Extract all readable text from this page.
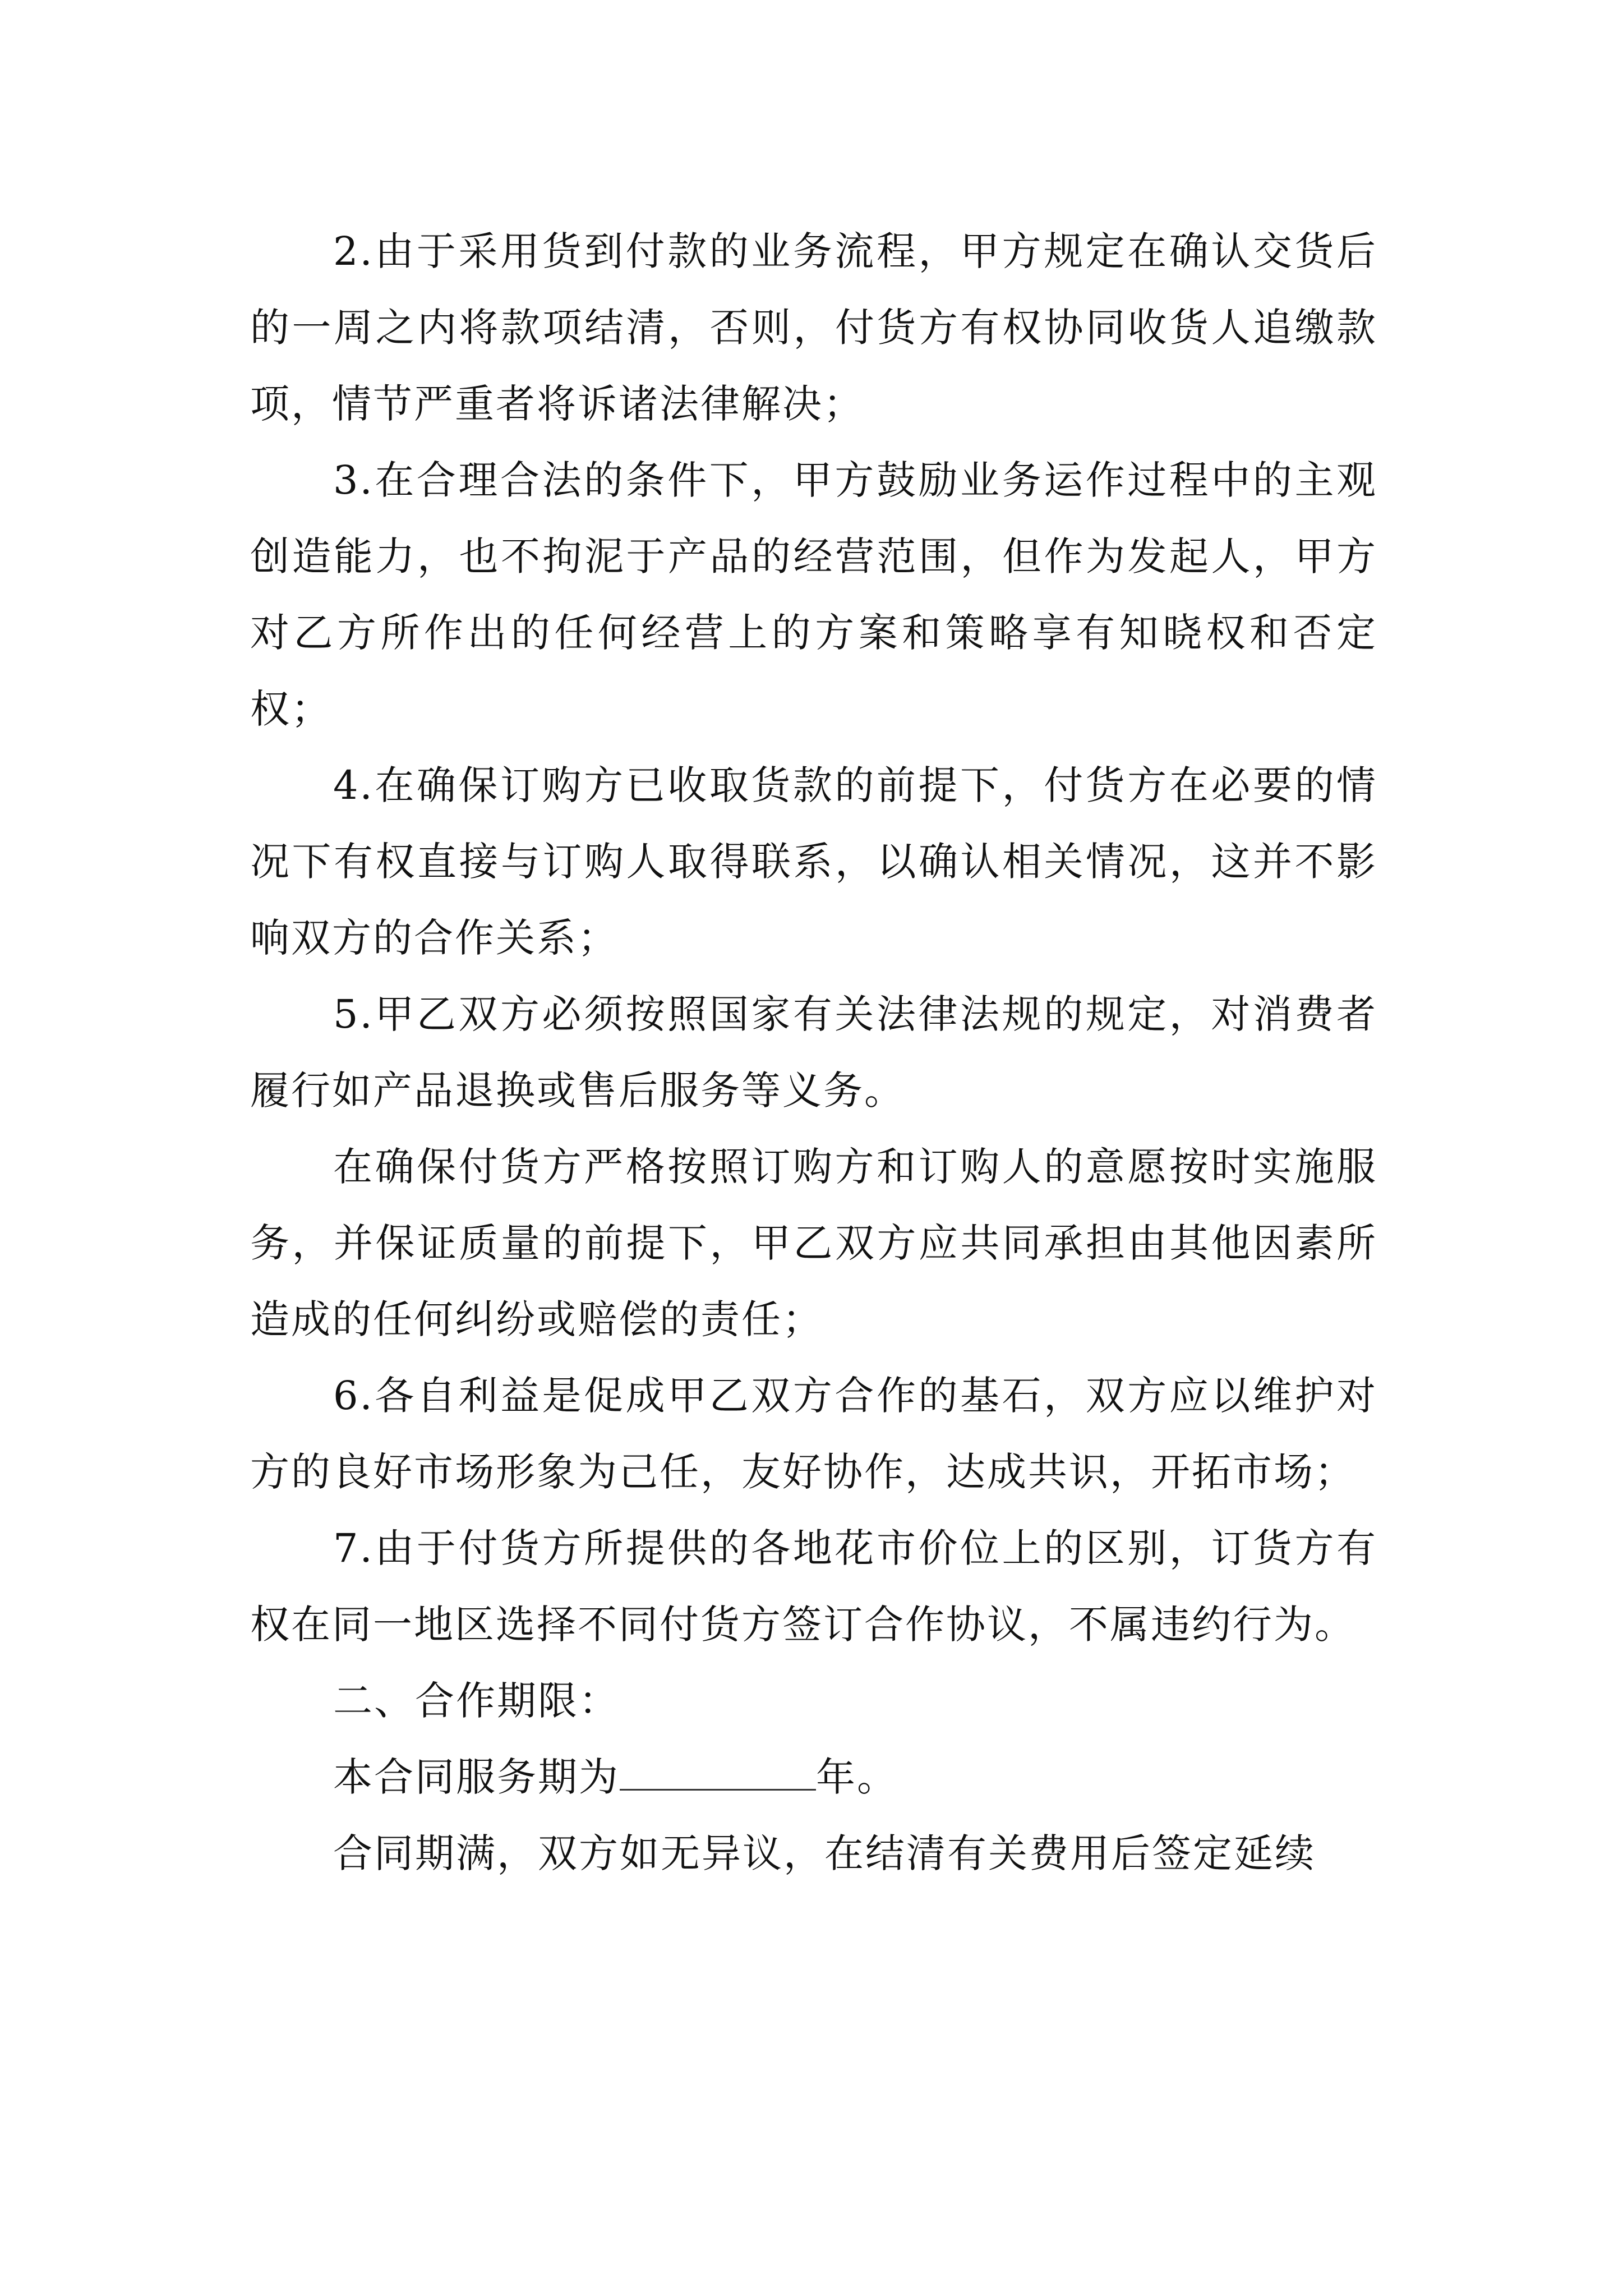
2.由于采用货到付款的业务流程，甲方规定在确认交货后的一周之内将款项结清，否则，付货方有权协同收货人追缴款项，情节严重者将诉诸法律解决；

3.在合理合法的条件下，甲方鼓励业务运作过程中的主观创造能力，也不拘泥于产品的经营范围，但作为发起人，甲方对乙方所作出的任何经营上的方案和策略享有知晓权和否定权；

4.在确保订购方已收取货款的前提下，付货方在必要的情况下有权直接与订购人取得联系，以确认相关情况，这并不影响双方的合作关系；

5.甲乙双方必须按照国家有关法律法规的规定，对消费者履行如产品退换或售后服务等义务。

在确保付货方严格按照订购方和订购人的意愿按时实施服务，并保证质量的前提下，甲乙双方应共同承担由其他因素所造成的任何纠纷或赔偿的责任；

6.各自利益是促成甲乙双方合作的基石，双方应以维护对方的良好市场形象为己任，友好协作，达成共识，开拓市场；

7.由于付货方所提供的各地花市价位上的区别，订货方有权在同一地区选择不同付货方签订合作协议，不属违约行为。

二、合作期限：

本合同服务期为	年。

合同期满，双方如无异议，在结清有关费用后签定延续
